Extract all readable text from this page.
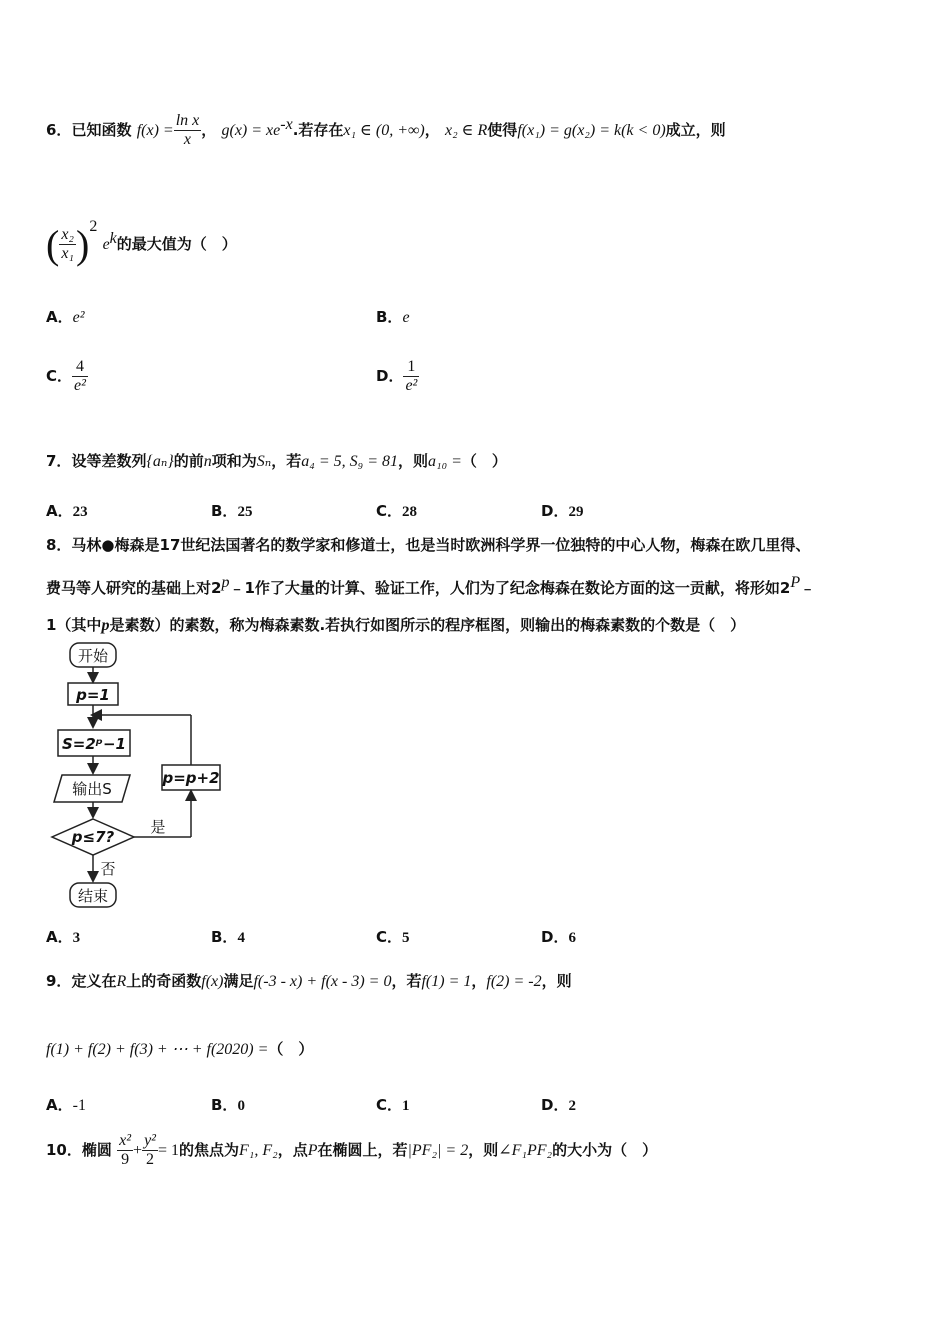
6．已知函数 $f(x) = \frac{\text{ln x}}{x}$ ， $g(x) = xe^{-x}$.若存在x₁ ∈ (0, +∞)， x₂ ∈ R使得f(x₁) = g(x₂) = k(k < 0)成立，则
( $\frac{\text{x₂}}{\text{x₁}} )^2$ $e^k$的最大值为（　）
A．e²	B．e
C． $\frac{4}{\text{e²}}$	D． $\frac{1}{\text{e²}}$
7．设等差数列{aₙ}的前n项和为Sₙ，若a₄ = 5, S₉ = 81，则a₁₀ =（　）
A．23	B．25	C．28	D．29
8．马林●梅森是17世纪法国著名的数学家和修道士，也是当时欧洲科学界一位独特的中心人物，梅森在欧几里得、
费马等人研究的基础上对2$^p$﹣1作了大量的计算、验证工作，人们为了纪念梅森在数论方面的这一贡献，将形如$2^P﹣$
1（其中p是素数）的素数，称为梅森素数.若执行如图所示的程序框图，则输出的梅森素数的个数是（　）
开始
p=1
S=2ᵖ−1
输出S
p≤7?
p=p+2
是
否
结束
A．3	B．4	C．5	D．6
9．定义在R上的奇函数f(x)满足f(-3 - x) + f(x - 3) = 0，若f(1) = 1，f(2) = -2，则
f(1) + f(2) + f(3) + ⋯ + f(2020) =（　）
A．-1	B．0	C．1	D．2
10．椭圆 $\frac{\text{x²}}{9} + \frac{\text{y²}}{2} = 1$的焦点为F₁, F₂，点P在椭圆上，若|PF₂| = 2，则∠F₁PF₂的大小为（　）
